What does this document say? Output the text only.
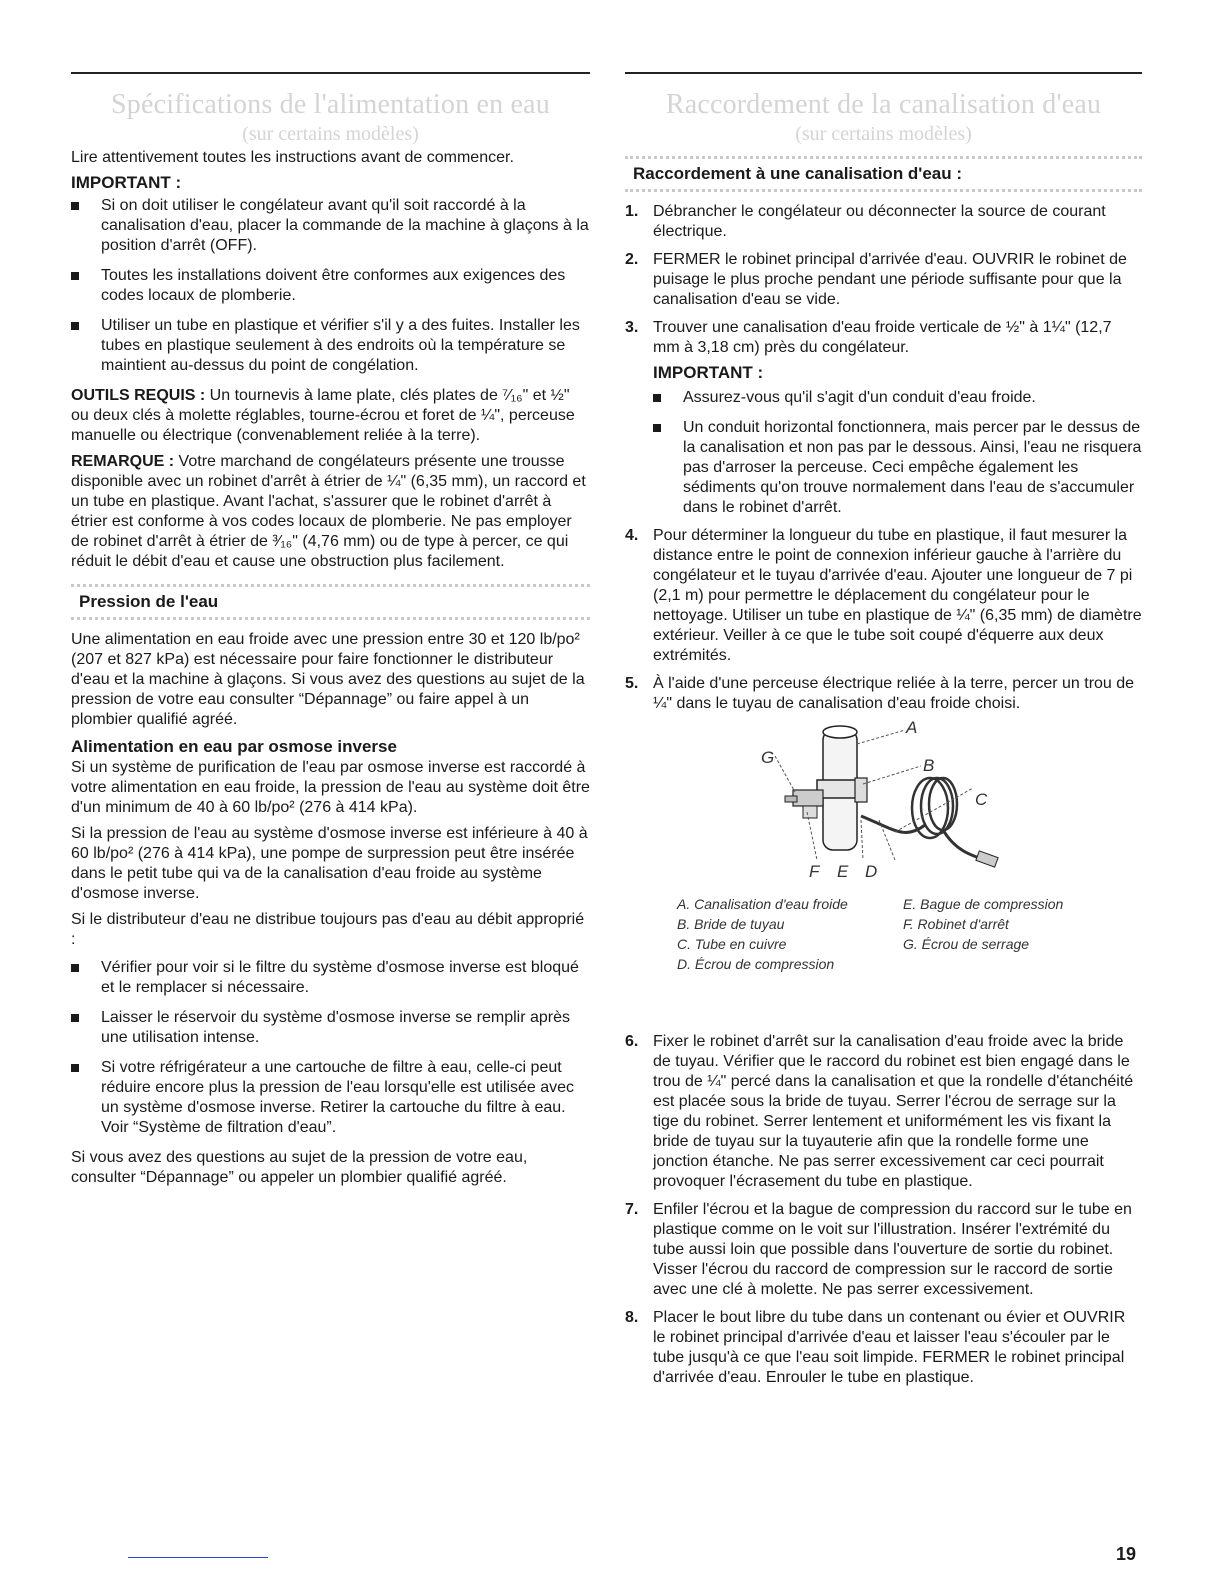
Spécifications de l'alimentation en eau
(sur certains modèles)

Lire attentivement toutes les instructions avant de commencer.

IMPORTANT :
Si on doit utiliser le congélateur avant qu'il soit raccordé à la canalisation d'eau, placer la commande de la machine à glaçons à la position d'arrêt (OFF).
Toutes les installations doivent être conformes aux exigences des codes locaux de plomberie.
Utiliser un tube en plastique et vérifier s'il y a des fuites. Installer les tubes en plastique seulement à des endroits où la température se maintient au-dessus du point de congélation.

OUTILS REQUIS : Un tournevis à lame plate, clés plates de ⁷⁄₁₆" et ½" ou deux clés à molette réglables, tourne-écrou et foret de ¼", perceuse manuelle ou électrique (convenablement reliée à la terre).

REMARQUE : Votre marchand de congélateurs présente une trousse disponible avec un robinet d'arrêt à étrier de ¼" (6,35 mm), un raccord et un tube en plastique. Avant l'achat, s'assurer que le robinet d'arrêt à étrier est conforme à vos codes locaux de plomberie. Ne pas employer de robinet d'arrêt à étrier de ³⁄₁₆" (4,76 mm) ou de type à percer, ce qui réduit le débit d'eau et cause une obstruction plus facilement.

Pression de l'eau

Une alimentation en eau froide avec une pression entre 30 et 120 lb/po² (207 et 827 kPa) est nécessaire pour faire fonctionner le distributeur d'eau et la machine à glaçons. Si vous avez des questions au sujet de la pression de votre eau consulter “Dépannage” ou faire appel à un plombier qualifié agréé.

Alimentation en eau par osmose inverse

Si un système de purification de l'eau par osmose inverse est raccordé à votre alimentation en eau froide, la pression de l'eau au système doit être d'un minimum de 40 à 60 lb/po² (276 à 414 kPa).

Si la pression de l'eau au système d'osmose inverse est inférieure à 40 à 60 lb/po² (276 à 414 kPa), une pompe de surpression peut être insérée dans le petit tube qui va de la canalisation d'eau froide au système d'osmose inverse.

Si le distributeur d'eau ne distribue toujours pas d'eau au débit approprié :

Vérifier pour voir si le filtre du système d'osmose inverse est bloqué et le remplacer si nécessaire.
Laisser le réservoir du système d'osmose inverse se remplir après une utilisation intense.
Si votre réfrigérateur a une cartouche de filtre à eau, celle-ci peut réduire encore plus la pression de l'eau lorsqu'elle est utilisée avec un système d'osmose inverse. Retirer la cartouche du filtre à eau. Voir “Système de filtration d'eau”.

Si vous avez des questions au sujet de la pression de votre eau, consulter “Dépannage” ou appeler un plombier qualifié agréé.

Raccordement de la canalisation d'eau
(sur certains modèles)
Raccordement à une canalisation d'eau :
1. Débrancher le congélateur ou déconnecter la source de courant électrique.
2. FERMER le robinet principal d'arrivée d'eau. OUVRIR le robinet de puisage le plus proche pendant une période suffisante pour que la canalisation d'eau se vide.
3. Trouver une canalisation d'eau froide verticale de ½" à 1¼" (12,7 mm à 3,18 cm) près du congélateur.
IMPORTANT :
Assurez-vous qu'il s'agit d'un conduit d'eau froide.
Un conduit horizontal fonctionnera, mais percer par le dessus de la canalisation et non pas par le dessous. Ainsi, l'eau ne risquera pas d'arroser la perceuse. Ceci empêche également les sédiments qu'on trouve normalement dans l'eau de s'accumuler dans le robinet d'arrêt.
4. Pour déterminer la longueur du tube en plastique, il faut mesurer la distance entre le point de connexion inférieur gauche à l'arrière du congélateur et le tuyau d'arrivée d'eau. Ajouter une longueur de 7 pi (2,1 m) pour permettre le déplacement du congélateur pour le nettoyage. Utiliser un tube en plastique de ¼" (6,35 mm) de diamètre extérieur. Veiller à ce que le tube soit coupé d'équerre aux deux extrémités.
5. À l'aide d'une perceuse électrique reliée à la terre, percer un trou de ¼" dans le tuyau de canalisation d'eau froide choisi.
A
B
C
G
F E D
A. Canalisation d'eau froide
B. Bride de tuyau
C. Tube en cuivre
D. Écrou de compression
E. Bague de compression
F. Robinet d'arrêt
G. Écrou de serrage
6. Fixer le robinet d'arrêt sur la canalisation d'eau froide avec la bride de tuyau. Vérifier que le raccord du robinet est bien engagé dans le trou de ¼" percé dans la canalisation et que la rondelle d'étanchéité est placée sous la bride de tuyau. Serrer l'écrou de serrage sur la tige du robinet. Serrer lentement et uniformément les vis fixant la bride de tuyau sur la tuyauterie afin que la rondelle forme une jonction étanche. Ne pas serrer excessivement car ceci pourrait provoquer l'écrasement du tube en plastique.
7. Enfiler l'écrou et la bague de compression du raccord sur le tube en plastique comme on le voit sur l'illustration. Insérer l'extrémité du tube aussi loin que possible dans l'ouverture de sortie du robinet. Visser l'écrou du raccord de compression sur le raccord de sortie avec une clé à molette. Ne pas serrer excessivement.
8. Placer le bout libre du tube dans un contenant ou évier et OUVRIR le robinet principal d'arrivée d'eau et laisser l'eau s'écouler par le tube jusqu'à ce que l'eau soit limpide. FERMER le robinet principal d'arrivée d'eau. Enrouler le tube en plastique.
19
